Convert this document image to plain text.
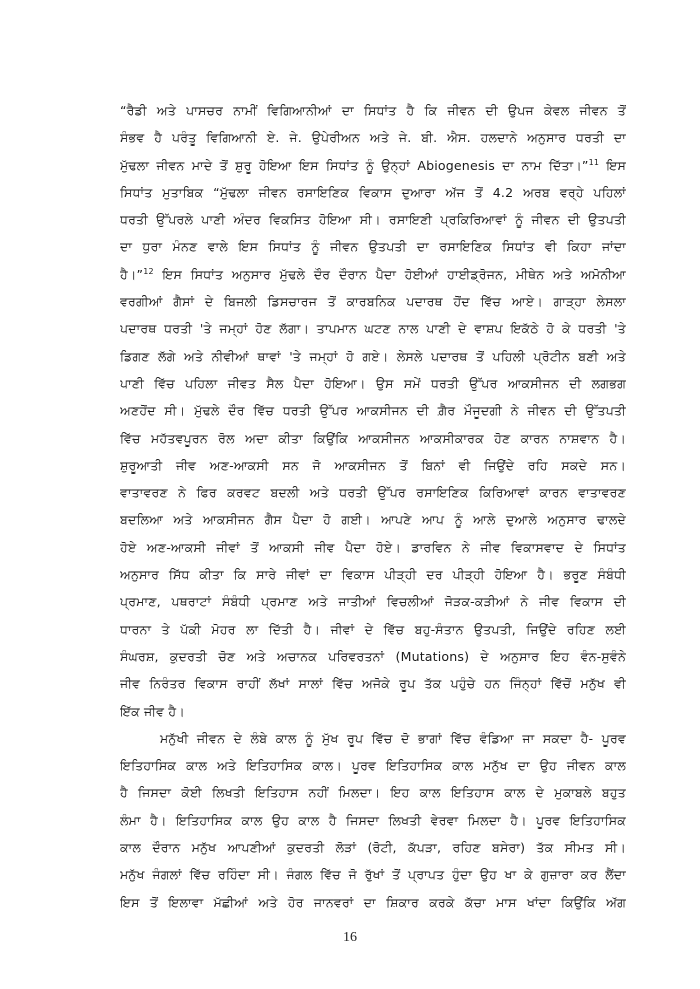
“ਰੈਡੀ ਅਤੇ ਪਾਸਚਰ ਨਾਮੀਂ ਵਿਗਿਆਨੀਆਂ ਦਾ ਸਿਧਾਂਤ ਹੈ ਕਿ ਜੀਵਨ ਦੀ ਉਪਜ ਕੇਵਲ ਜੀਵਨ ਤੋਂ
ਸੰਭਵ ਹੈ ਪਰੰਤੂ ਵਿਗਿਆਨੀ ਏ. ਜੇ. ਉਪੇਰੀਅਨ ਅਤੇ ਜੇ. ਬੀ. ਐਸ. ਹਲਦਾਨੇ ਅਨੁਸਾਰ ਧਰਤੀ ਦਾ
ਮੁੱਢਲਾ ਜੀਵਨ ਮਾਦੇ ਤੋਂ ਸ਼ੁਰੂ ਹੋਇਆ ਇਸ ਸਿਧਾਂਤ ਨੂੰ ਉਨ੍ਹਾਂ Abiogenesis ਦਾ ਨਾਮ ਦਿੱਤਾ।”$^{11}$ ਇਸ
ਸਿਧਾਂਤ ਮੁਤਾਬਿਕ “ਮੁੱਢਲਾ ਜੀਵਨ ਰਸਾਇਣਿਕ ਵਿਕਾਸ ਦੁਆਰਾ ਅੱਜ ਤੋਂ 4.2 ਅਰਬ ਵਰ੍ਹੇ ਪਹਿਲਾਂ
ਧਰਤੀ ਉੱਪਰਲੇ ਪਾਣੀ ਅੰਦਰ ਵਿਕਸਿਤ ਹੋਇਆ ਸੀ। ਰਸਾਇਣੀ ਪ੍ਰਕਿਰਿਆਵਾਂ ਨੂੰ ਜੀਵਨ ਦੀ ਉਤਪਤੀ
ਦਾ ਧੁਰਾ ਮੰਨਣ ਵਾਲੇ ਇਸ ਸਿਧਾਂਤ ਨੂੰ ਜੀਵਨ ਉਤਪਤੀ ਦਾ ਰਸਾਇਣਿਕ ਸਿਧਾਂਤ ਵੀ ਕਿਹਾ ਜਾਂਦਾ
ਹੈ।”$^{12}$ ਇਸ ਸਿਧਾਂਤ ਅਨੁਸਾਰ ਮੁੱਢਲੇ ਦੌਰ ਦੌਰਾਨ ਪੈਦਾ ਹੋਈਆਂ ਹਾਈਡ੍ਰੋਜਨ, ਮੀਥੇਨ ਅਤੇ ਅਮੋਨੀਆ
ਵਰਗੀਆਂ ਗੈਸਾਂ ਦੇ ਬਿਜਲੀ ਡਿਸਚਾਰਜ ਤੋਂ ਕਾਰਬਨਿਕ ਪਦਾਰਥ ਹੋਂਦ ਵਿੱਚ ਆਏ। ਗਾੜ੍ਹਾ ਲੇਸਲਾ
ਪਦਾਰਥ ਧਰਤੀ 'ਤੇ ਜਮ੍ਹਾਂ ਹੋਣ ਲੱਗਾ। ਤਾਪਮਾਨ ਘਟਣ ਨਾਲ ਪਾਣੀ ਦੇ ਵਾਸ਼ਪ ਇਕੱਠੇ ਹੋ ਕੇ ਧਰਤੀ 'ਤੇ
ਡਿਗਣ ਲੱਗੇ ਅਤੇ ਨੀਵੀਆਂ ਥਾਵਾਂ 'ਤੇ ਜਮ੍ਹਾਂ ਹੋ ਗਏ। ਲੇਸਲੇ ਪਦਾਰਥ ਤੋਂ ਪਹਿਲੀ ਪ੍ਰੋਟੀਨ ਬਣੀ ਅਤੇ
ਪਾਣੀ ਵਿੱਚ ਪਹਿਲਾ ਜੀਵਤ ਸੈਲ ਪੈਦਾ ਹੋਇਆ। ਉਸ ਸਮੇਂ ਧਰਤੀ ਉੱਪਰ ਆਕਸੀਜਨ ਦੀ ਲਗਭਗ
ਅਣਹੋਂਦ ਸੀ। ਮੁੱਢਲੇ ਦੌਰ ਵਿੱਚ ਧਰਤੀ ਉੱਪਰ ਆਕਸੀਜਨ ਦੀ ਗ਼ੈਰ ਮੌਜੂਦਗੀ ਨੇ ਜੀਵਨ ਦੀ ਉੱਤਪਤੀ
ਵਿੱਚ ਮਹੱਤਵਪੂਰਨ ਰੋਲ ਅਦਾ ਕੀਤਾ ਕਿਉਂਕਿ ਆਕਸੀਜਨ ਆਕਸੀਕਾਰਕ ਹੋਣ ਕਾਰਨ ਨਾਸ਼ਵਾਨ ਹੈ।
ਸ਼ੁਰੂਆਤੀ ਜੀਵ ਅਣ-ਆਕਸੀ ਸਨ ਜੋ ਆਕਸੀਜਨ ਤੋਂ ਬਿਨਾਂ ਵੀ ਜਿਉਂਦੇ ਰਹਿ ਸਕਦੇ ਸਨ।
ਵਾਤਾਵਰਣ ਨੇ ਫਿਰ ਕਰਵਟ ਬਦਲੀ ਅਤੇ ਧਰਤੀ ਉੱਪਰ ਰਸਾਇਣਿਕ ਕਿਰਿਆਵਾਂ ਕਾਰਨ ਵਾਤਾਵਰਣ
ਬਦਲਿਆ ਅਤੇ ਆਕਸੀਜਨ ਗੈਸ ਪੈਦਾ ਹੋ ਗਈ। ਆਪਣੇ ਆਪ ਨੂੰ ਆਲੇ ਦੁਆਲੇ ਅਨੁਸਾਰ ਢਾਲਦੇ
ਹੋਏ ਅਣ-ਆਕਸੀ ਜੀਵਾਂ ਤੋਂ ਆਕਸੀ ਜੀਵ ਪੈਦਾ ਹੋਏ। ਡਾਰਵਿਨ ਨੇ ਜੀਵ ਵਿਕਾਸਵਾਦ ਦੇ ਸਿਧਾਂਤ
ਅਨੁਸਾਰ ਸਿੱਧ ਕੀਤਾ ਕਿ ਸਾਰੇ ਜੀਵਾਂ ਦਾ ਵਿਕਾਸ ਪੀੜ੍ਹੀ ਦਰ ਪੀੜ੍ਹੀ ਹੋਇਆ ਹੈ। ਭਰੂਣ ਸੰਬੰਧੀ
ਪ੍ਰਮਾਣ, ਪਥਰਾਟਾਂ ਸੰਬੰਧੀ ਪ੍ਰਮਾਣ ਅਤੇ ਜਾਤੀਆਂ ਵਿਚਲੀਆਂ ਜੋੜਕ-ਕੜੀਆਂ ਨੇ ਜੀਵ ਵਿਕਾਸ ਦੀ
ਧਾਰਨਾ ਤੇ ਪੱਕੀ ਮੋਹਰ ਲਾ ਦਿੱਤੀ ਹੈ। ਜੀਵਾਂ ਦੇ ਵਿੱਚ ਬਹੁ-ਸੰਤਾਨ ਉਤਪਤੀ, ਜਿਉਂਦੇ ਰਹਿਣ ਲਈ
ਸੰਘਰਸ਼, ਕੁਦਰਤੀ ਚੋਣ ਅਤੇ ਅਚਾਨਕ ਪਰਿਵਰਤਨਾਂ (Mutations) ਦੇ ਅਨੁਸਾਰ ਇਹ ਵੰਨ-ਸੁਵੰਨੇ
ਜੀਵ ਨਿਰੰਤਰ ਵਿਕਾਸ ਰਾਹੀਂ ਲੱਖਾਂ ਸਾਲਾਂ ਵਿੱਚ ਅਜੋਕੇ ਰੂਪ ਤੱਕ ਪਹੁੰਚੇ ਹਨ ਜਿੰਨ੍ਹਾਂ ਵਿੱਚੋਂ ਮਨੁੱਖ ਵੀ
ਇੱਕ ਜੀਵ ਹੈ।
ਮਨੁੱਖੀ ਜੀਵਨ ਦੇ ਲੰਬੇ ਕਾਲ ਨੂੰ ਮੁੱਖ ਰੂਪ ਵਿੱਚ ਦੋ ਭਾਗਾਂ ਵਿੱਚ ਵੰਡਿਆ ਜਾ ਸਕਦਾ ਹੈ- ਪੂਰਵ
ਇਤਿਹਾਸਿਕ ਕਾਲ ਅਤੇ ਇਤਿਹਾਸਿਕ ਕਾਲ। ਪੂਰਵ ਇਤਿਹਾਸਿਕ ਕਾਲ ਮਨੁੱਖ ਦਾ ਉਹ ਜੀਵਨ ਕਾਲ
ਹੈ ਜਿਸਦਾ ਕੋਈ ਲਿਖਤੀ ਇਤਿਹਾਸ ਨਹੀਂ ਮਿਲਦਾ। ਇਹ ਕਾਲ ਇਤਿਹਾਸ ਕਾਲ ਦੇ ਮੁਕਾਬਲੇ ਬਹੁਤ
ਲੰਮਾ ਹੈ। ਇਤਿਹਾਸਿਕ ਕਾਲ ਉਹ ਕਾਲ ਹੈ ਜਿਸਦਾ ਲਿਖਤੀ ਵੇਰਵਾ ਮਿਲਦਾ ਹੈ। ਪੂਰਵ ਇਤਿਹਾਸਿਕ
ਕਾਲ ਦੌਰਾਨ ਮਨੁੱਖ ਆਪਣੀਆਂ ਕੁਦਰਤੀ ਲੋੜਾਂ (ਰੋਟੀ, ਕੱਪੜਾ, ਰਹਿਣ ਬਸੇਰਾ) ਤੱਕ ਸੀਮਤ ਸੀ।
ਮਨੁੱਖ ਜੰਗਲਾਂ ਵਿੱਚ ਰਹਿੰਦਾ ਸੀ। ਜੰਗਲ ਵਿੱਚ ਜੋ ਰੁੱਖਾਂ ਤੋਂ ਪ੍ਰਾਪਤ ਹੁੰਦਾ ਉਹ ਖਾ ਕੇ ਗੁਜ਼ਾਰਾ ਕਰ ਲੈਂਦਾ
ਇਸ ਤੋਂ ਇਲਾਵਾ ਮੱਛੀਆਂ ਅਤੇ ਹੋਰ ਜਾਨਵਰਾਂ ਦਾ ਸ਼ਿਕਾਰ ਕਰਕੇ ਕੱਚਾ ਮਾਸ ਖਾਂਦਾ ਕਿਉਂਕਿ ਅੱਗ
16
